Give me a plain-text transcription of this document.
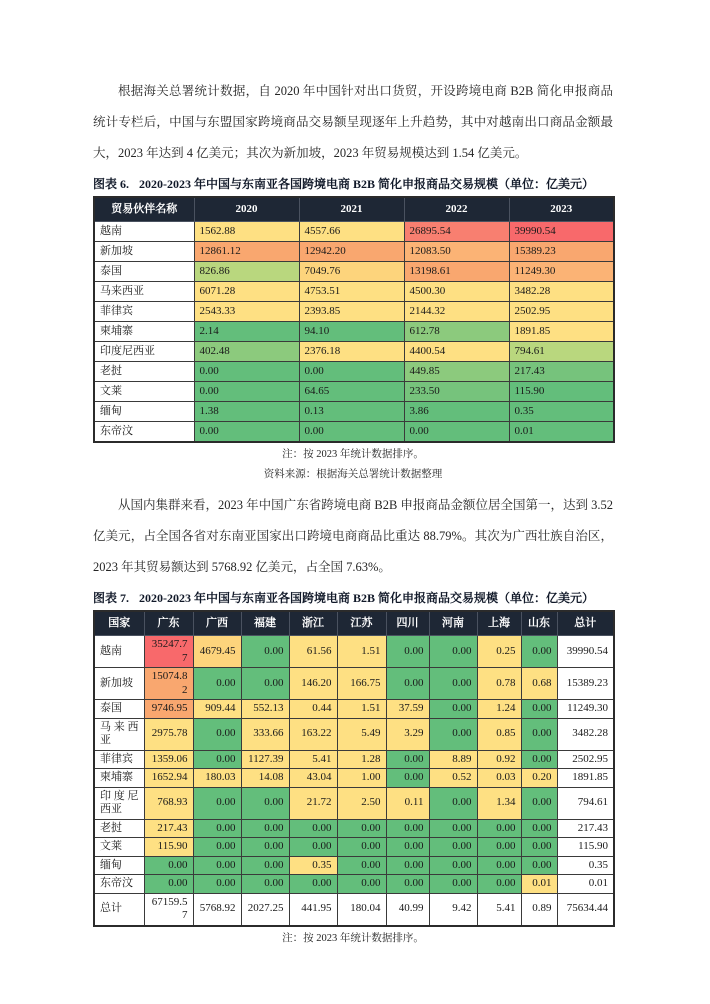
根据海关总署统计数据，自 2020 年中国针对出口货贸，开设跨境电商 B2B 简化申报商品统计专栏后，中国与东盟国家跨境商品交易额呈现逐年上升趋势，其中对越南出口商品金额最大，2023 年达到 4 亿美元；其次为新加坡，2023 年贸易规模达到 1.54 亿美元。

图表 6. 2020-2023 年中国与东南亚各国跨境电商 B2B 简化申报商品交易规模（单位：亿美元）
贸易伙伴名称	2020	2021	2022	2023
越南	1562.88	4557.66	26895.54	39990.54
新加坡	12861.12	12942.20	12083.50	15389.23
泰国	826.86	7049.76	13198.61	11249.30
马来西亚	6071.28	4753.51	4500.30	3482.28
菲律宾	2543.33	2393.85	2144.32	2502.95
柬埔寨	2.14	94.10	612.78	1891.85
印度尼西亚	402.48	2376.18	4400.54	794.61
老挝	0.00	0.00	449.85	217.43
文莱	0.00	64.65	233.50	115.90
缅甸	1.38	0.13	3.86	0.35
东帝汶	0.00	0.00	0.00	0.01

注：按 2023 年统计数据排序。

资料来源：根据海关总署统计数据整理

从国内集群来看，2023 年中国广东省跨境电商 B2B 申报商品金额位居全国第一，达到 3.52 亿美元，占全国各省对东南亚国家出口跨境电商商品比重达 88.79%。其次为广西壮族自治区，2023 年其贸易额达到 5768.92 亿美元，占全国 7.63%。

图表 7. 2020-2023 年中国与东南亚各国跨境电商 B2B 简化申报商品交易规模（单位：亿美元）
国家	广东	广西	福建	浙江	江苏	四川	河南	上海	山东	总计
越南	35247.77	4679.45	0.00	61.56	1.51	0.00	0.00	0.25	0.00	39990.54
新加坡	15074.82	0.00	0.00	146.20	166.75	0.00	0.00	0.78	0.68	15389.23
泰国	9746.95	909.44	552.13	0.44	1.51	37.59	0.00	1.24	0.00	11249.30
马来西亚	2975.78	0.00	333.66	163.22	5.49	3.29	0.00	0.85	0.00	3482.28
菲律宾	1359.06	0.00	1127.39	5.41	1.28	0.00	8.89	0.92	0.00	2502.95
柬埔寨	1652.94	180.03	14.08	43.04	1.00	0.00	0.52	0.03	0.20	1891.85
印度尼西亚	768.93	0.00	0.00	21.72	2.50	0.11	0.00	1.34	0.00	794.61
老挝	217.43	0.00	0.00	0.00	0.00	0.00	0.00	0.00	0.00	217.43
文莱	115.90	0.00	0.00	0.00	0.00	0.00	0.00	0.00	0.00	115.90
缅甸	0.00	0.00	0.00	0.35	0.00	0.00	0.00	0.00	0.00	0.35
东帝汶	0.00	0.00	0.00	0.00	0.00	0.00	0.00	0.00	0.01	0.01
总计	67159.57	5768.92	2027.25	441.95	180.04	40.99	9.42	5.41	0.89	75634.44

注：按 2023 年统计数据排序。
